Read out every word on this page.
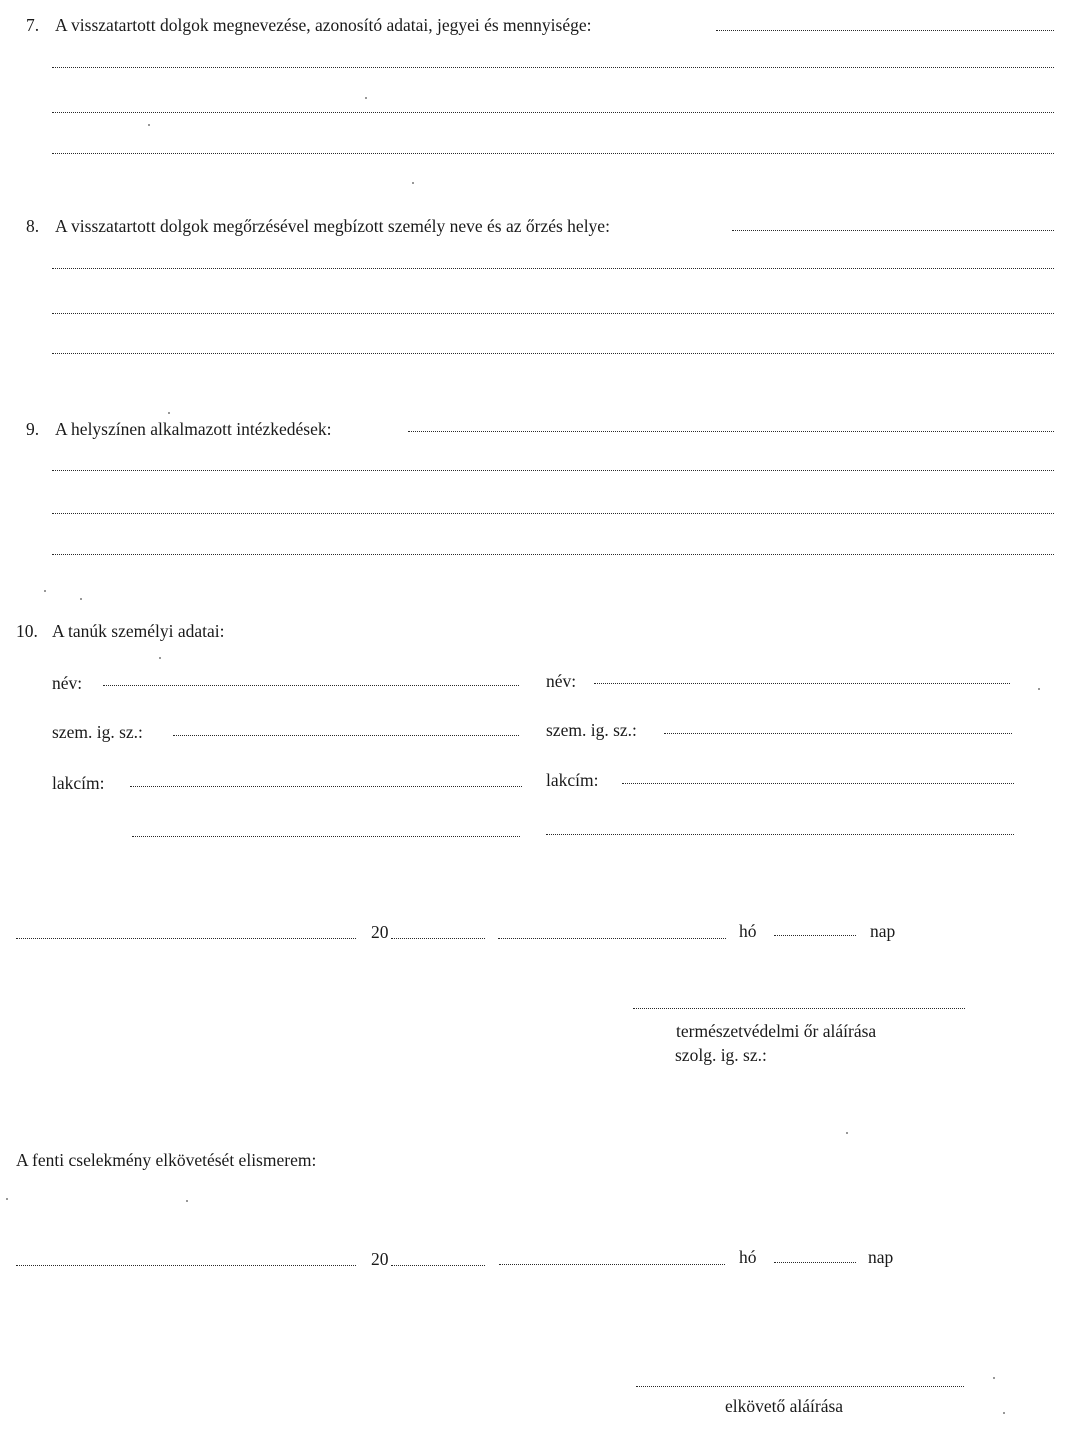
7. A visszatartott dolgok megnevezése, azonosító adatai, jegyei és mennyisége:
8. A visszatartott dolgok megőrzésével megbízott személy neve és az őrzés helye:
9. A helyszínen alkalmazott intézkedések:
10. A tanúk személyi adatai:
név:
szem. ig. sz.:
lakcím:
név:
szem. ig. sz.:
lakcím:
20	hó	nap
természetvédelmi őr aláírása
szolg. ig. sz.:
A fenti cselekmény elkövetését elismerem:
20	hó	nap
elkövető aláírása
